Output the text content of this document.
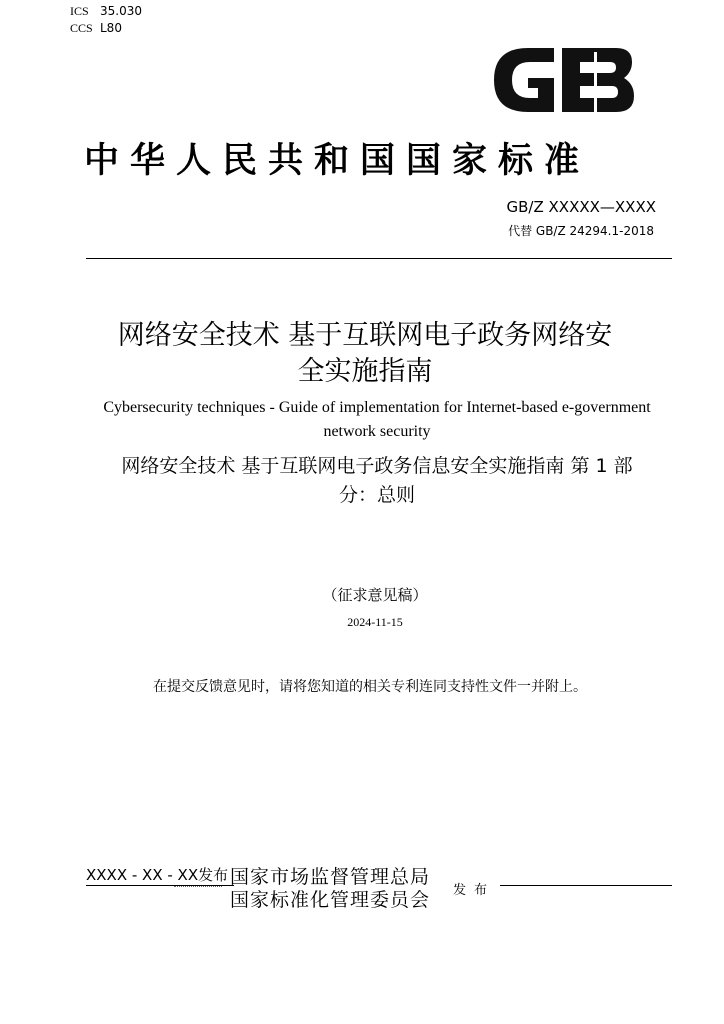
ICS 35.030
CCS L80
GB
中华人民共和国国家标准
GB/Z XXXXX—XXXX
代替 GB/Z 24294.1-2018
网络安全技术 基于互联网电子政务网络安
全实施指南
Cybersecurity techniques - Guide of implementation for Internet-based e-government
network security
网络安全技术 基于互联网电子政务信息安全实施指南 第 1 部
分：总则
（征求意见稿）
2024-11-15
在提交反馈意见时，请将您知道的相关专利连同支持性文件一并附上。
XXXX - XX - XX发布 国家市场监督管理总局
国家标准化管理委员会 发布
